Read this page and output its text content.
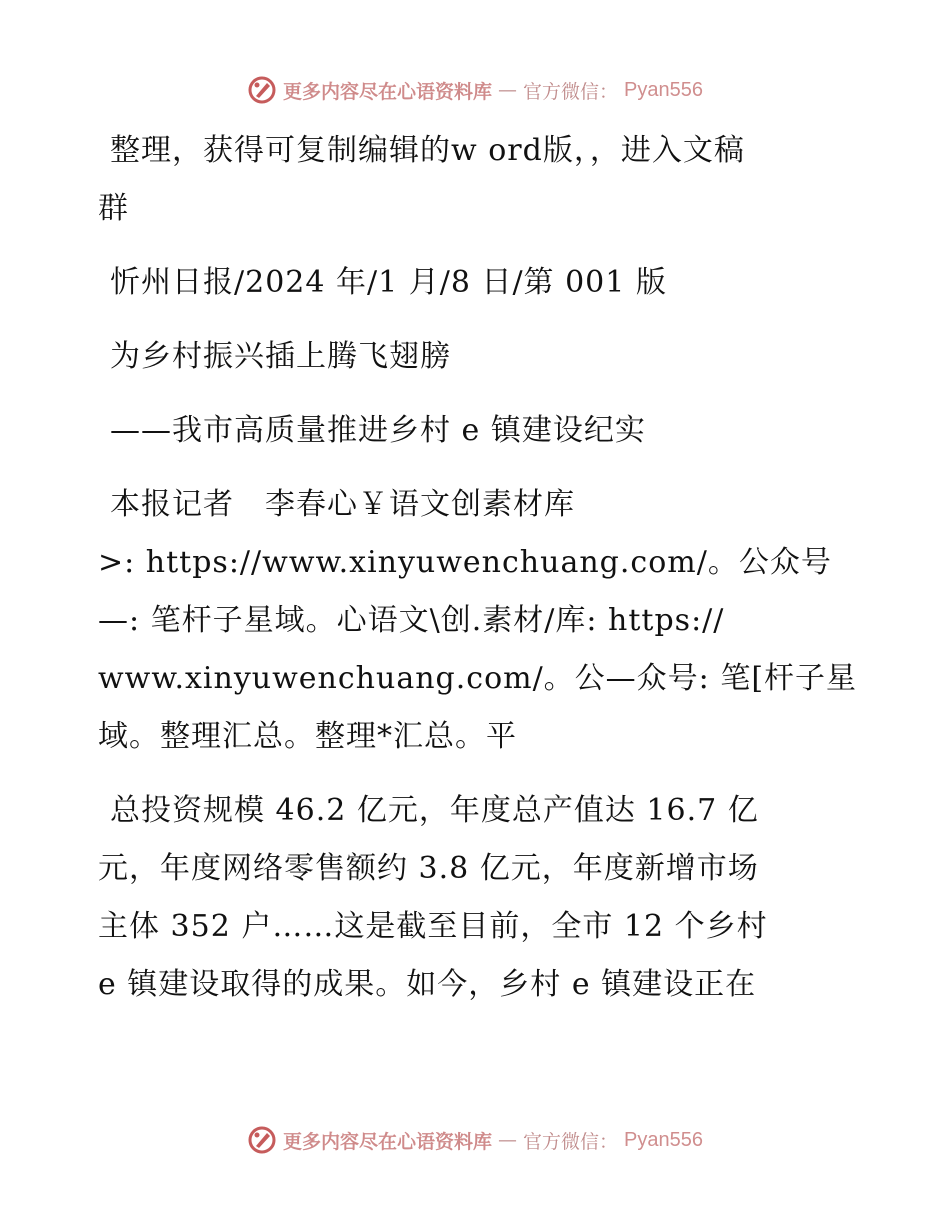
更多内容尽在心语资料库 — 官方微信： Pyan556

整理，获得可复制编辑的w ord版，，进入文稿

群

忻州日报/2024 年/1 月/8 日/第 001 版

为乡村振兴插上腾飞翅膀

——我市高质量推进乡村 e 镇建设纪实

本报记者　李春心￥语文创素材库

>: https://www.xinyuwenchuang.com/。公众号

—: 笔杆子星域。心语文\创.素材/库: https://

www.xinyuwenchuang.com/。公—众号: 笔[杆子星

域。整理汇总。整理*汇总。平

总投资规模 46.2 亿元，年度总产值达 16.7 亿

元，年度网络零售额约 3.8 亿元，年度新增市场

主体 352 户……这是截至目前，全市 12 个乡村

e 镇建设取得的成果。如今，乡村 e 镇建设正在

更多内容尽在心语资料库 — 官方微信： Pyan556
